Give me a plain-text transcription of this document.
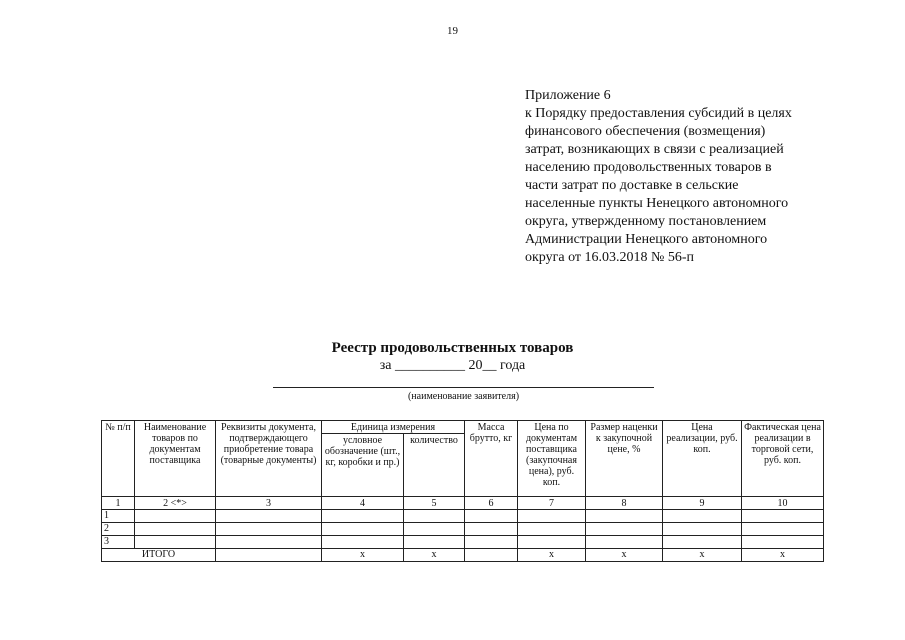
19
Приложение 6
к Порядку предоставления субсидий в целях
финансового обеспечения (возмещения)
затрат, возникающих в связи с реализацией
населению продовольственных товаров в
части затрат по доставке в сельские
населенные пункты Ненецкого автономного
округа, утвержденному постановлением
Администрации Ненецкого автономного
округа от 16.03.2018 № 56-п
Реестр продовольственных товаров
за __________ 20__ года
(наименование заявителя)
№ п/п	Наименование товаров по документам поставщика	Реквизиты документа, подтверждающего приобретение товара (товарные документы)	Единица измерения		Масса брутто, кг	Цена по документам поставщика (закупочная цена), руб. коп.	Размер наценки к закупочной цене, %	Цена реализации, руб. коп.	Фактическая цена реализации в торговой сети, руб. коп.
			условное обозначение (шт., кг, коробки и пр.)	количество					
1	2 <*>	3	4	5	6	7	8	9	10
1									
2									
3									
ИТОГО			х	х		х	х	х	х
